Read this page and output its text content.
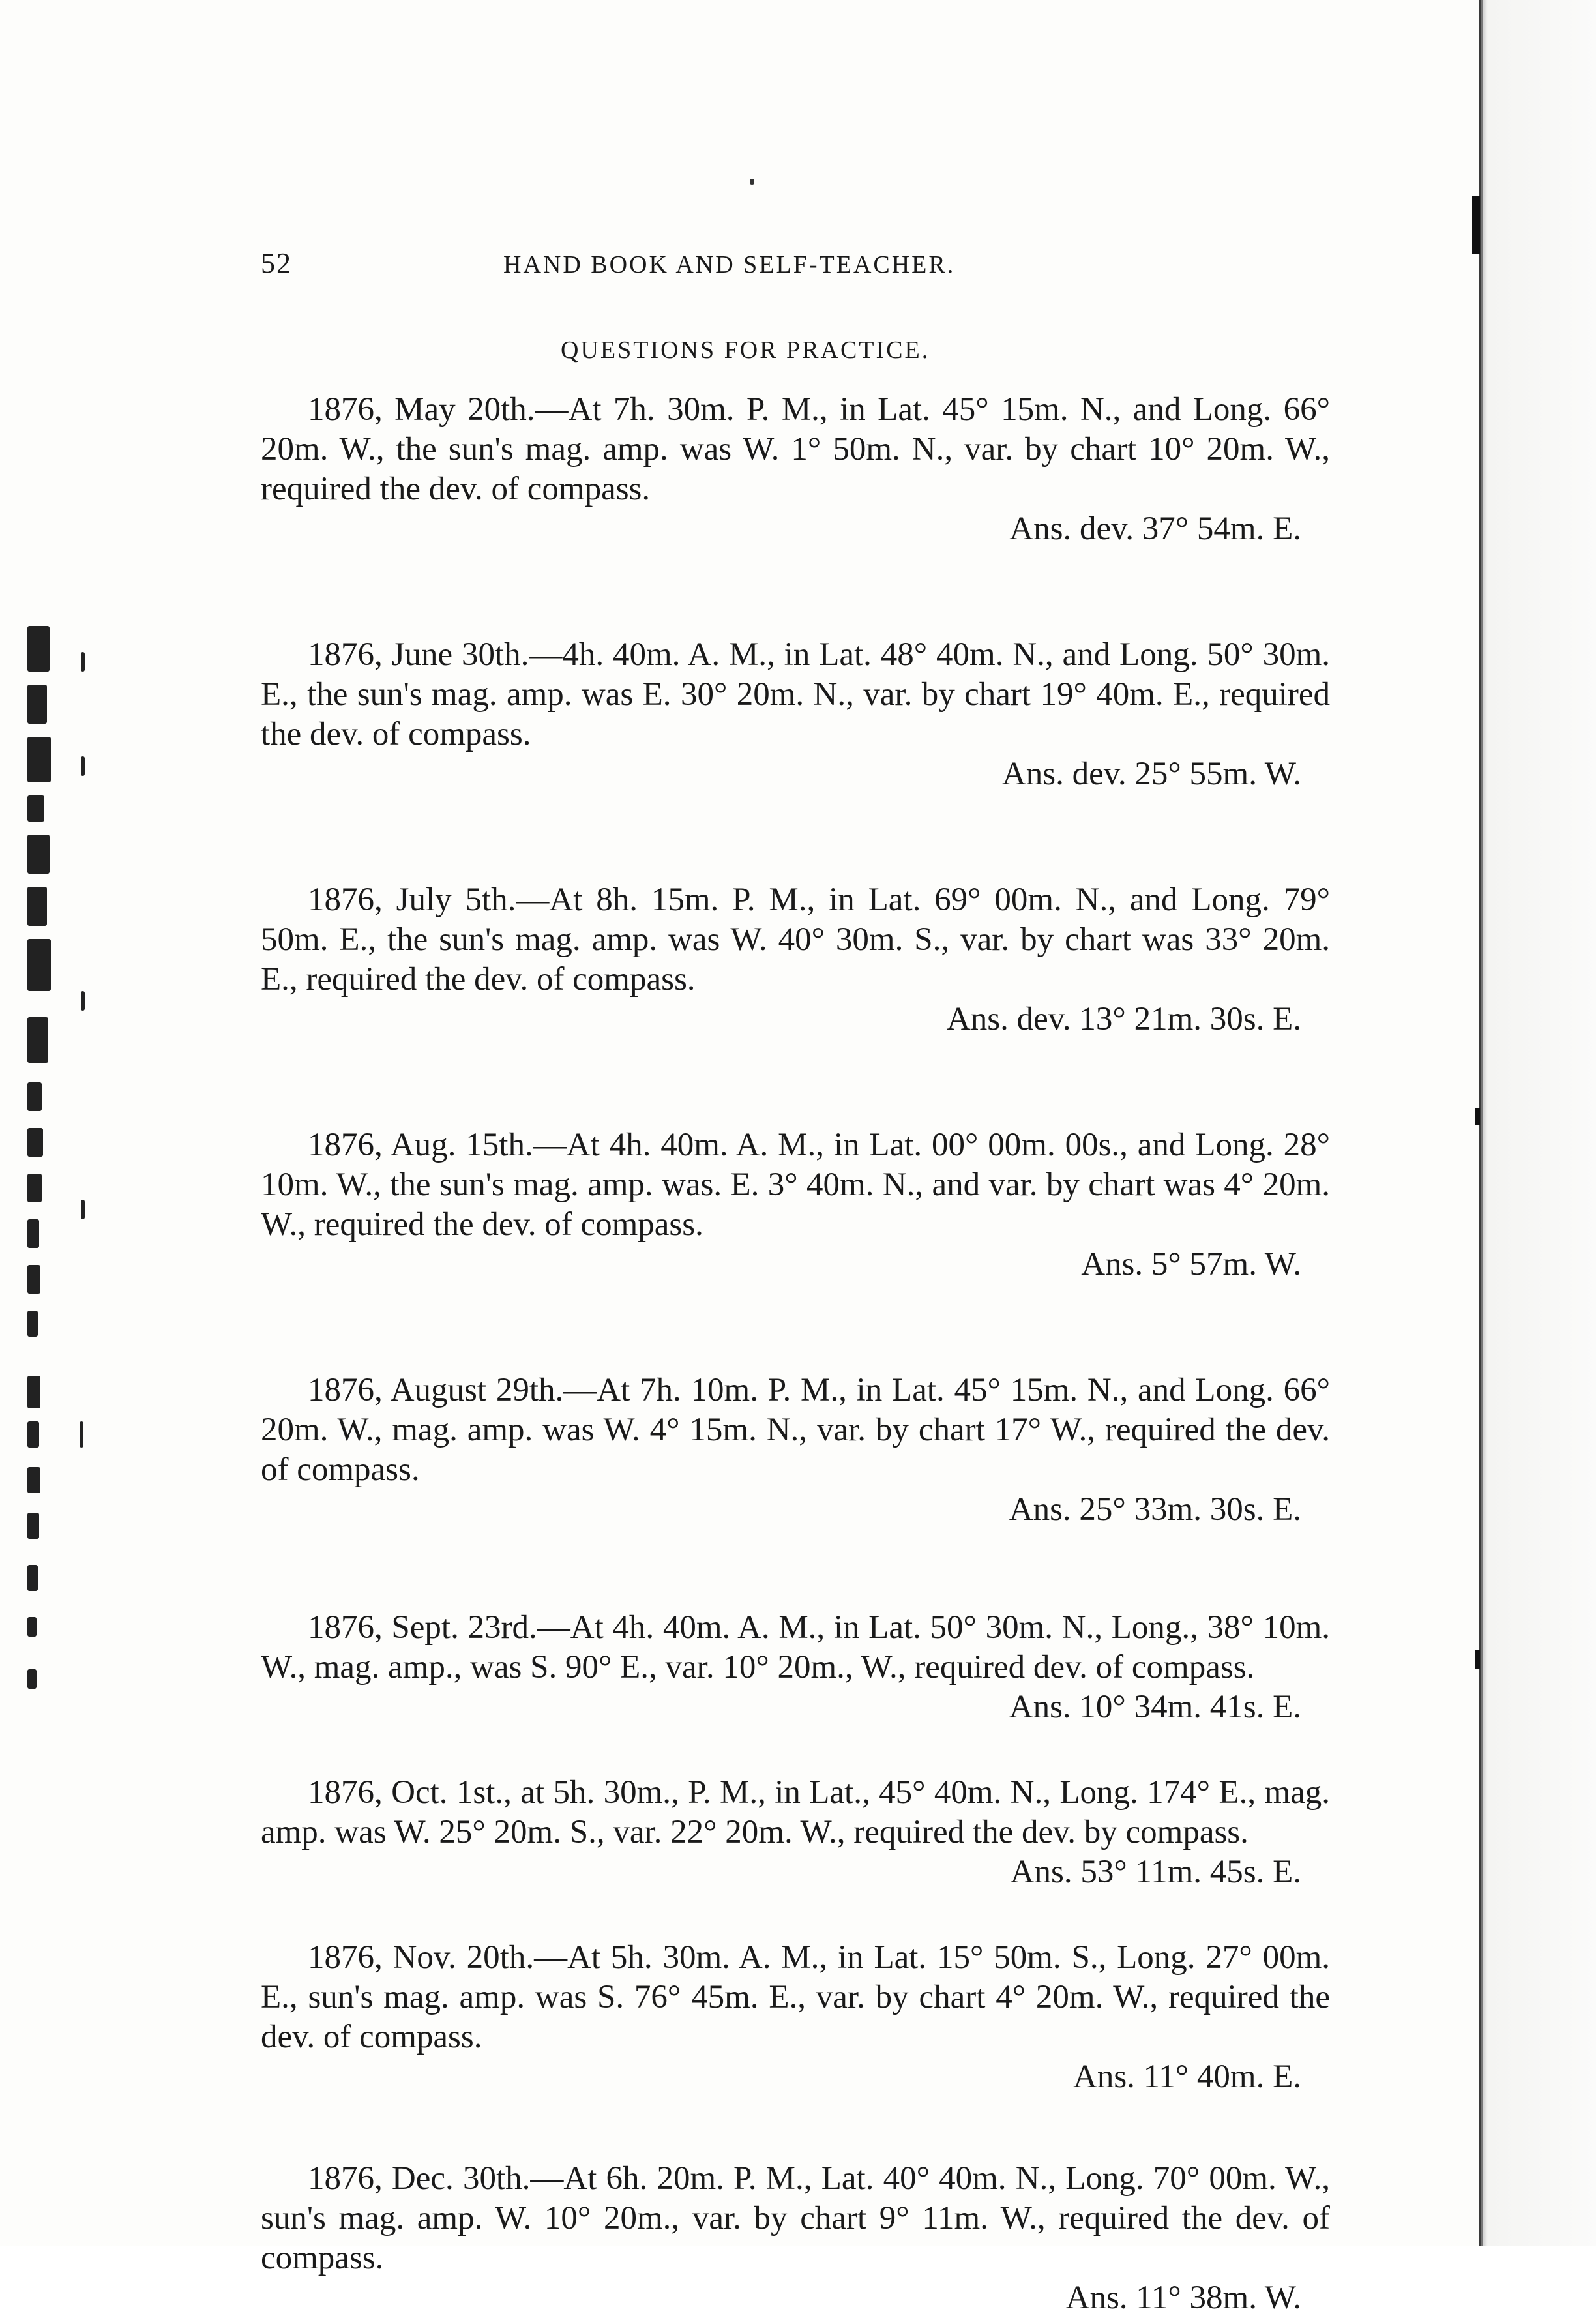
52	HAND BOOK AND SELF-TEACHER.
QUESTIONS FOR PRACTICE.

1876, May 20th.—At 7h. 30m. P. M., in Lat. 45° 15m. N., and Long. 66° 20m. W., the sun's mag. amp. was W. 1° 50m. N., var. by chart 10° 20m. W., required the dev. of compass.
Ans. dev. 37° 54m. E.

1876, June 30th.—4h. 40m. A. M., in Lat. 48° 40m. N., and Long. 50° 30m. E., the sun's mag. amp. was E. 30° 20m. N., var. by chart 19° 40m. E., required the dev. of compass.
Ans. dev. 25° 55m. W.

1876, July 5th.—At 8h. 15m. P. M., in Lat. 69° 00m. N., and Long. 79° 50m. E., the sun's mag. amp. was W. 40° 30m. S., var. by chart was 33° 20m. E., required the dev. of compass.
Ans. dev. 13° 21m. 30s. E.

1876, Aug. 15th.—At 4h. 40m. A. M., in Lat. 00° 00m. 00s., and Long. 28° 10m. W., the sun's mag. amp. was. E. 3° 40m. N., and var. by chart was 4° 20m. W., required the dev. of compass.
Ans. 5° 57m. W.

1876, August 29th.—At 7h. 10m. P. M., in Lat. 45° 15m. N., and Long. 66° 20m. W., mag. amp. was W. 4° 15m. N., var. by chart 17° W., required the dev. of compass.
Ans. 25° 33m. 30s. E.

1876, Sept. 23rd.—At 4h. 40m. A. M., in Lat. 50° 30m. N., Long., 38° 10m. W., mag. amp., was S. 90° E., var. 10° 20m., W., required dev. of compass.
Ans. 10° 34m. 41s. E.

1876, Oct. 1st., at 5h. 30m., P. M., in Lat., 45° 40m. N., Long. 174° E., mag. amp. was W. 25° 20m. S., var. 22° 20m. W., required the dev. by compass.
Ans. 53° 11m. 45s. E.

1876, Nov. 20th.—At 5h. 30m. A. M., in Lat. 15° 50m. S., Long. 27° 00m. E., sun's mag. amp. was S. 76° 45m. E., var. by chart 4° 20m. W., required the dev. of compass.
Ans. 11° 40m. E.

1876, Dec. 30th.—At 6h. 20m. P. M., Lat. 40° 40m. N., Long. 70° 00m. W., sun's mag. amp. W. 10° 20m., var. by chart 9° 11m. W., required the dev. of compass.
Ans. 11° 38m. W.
